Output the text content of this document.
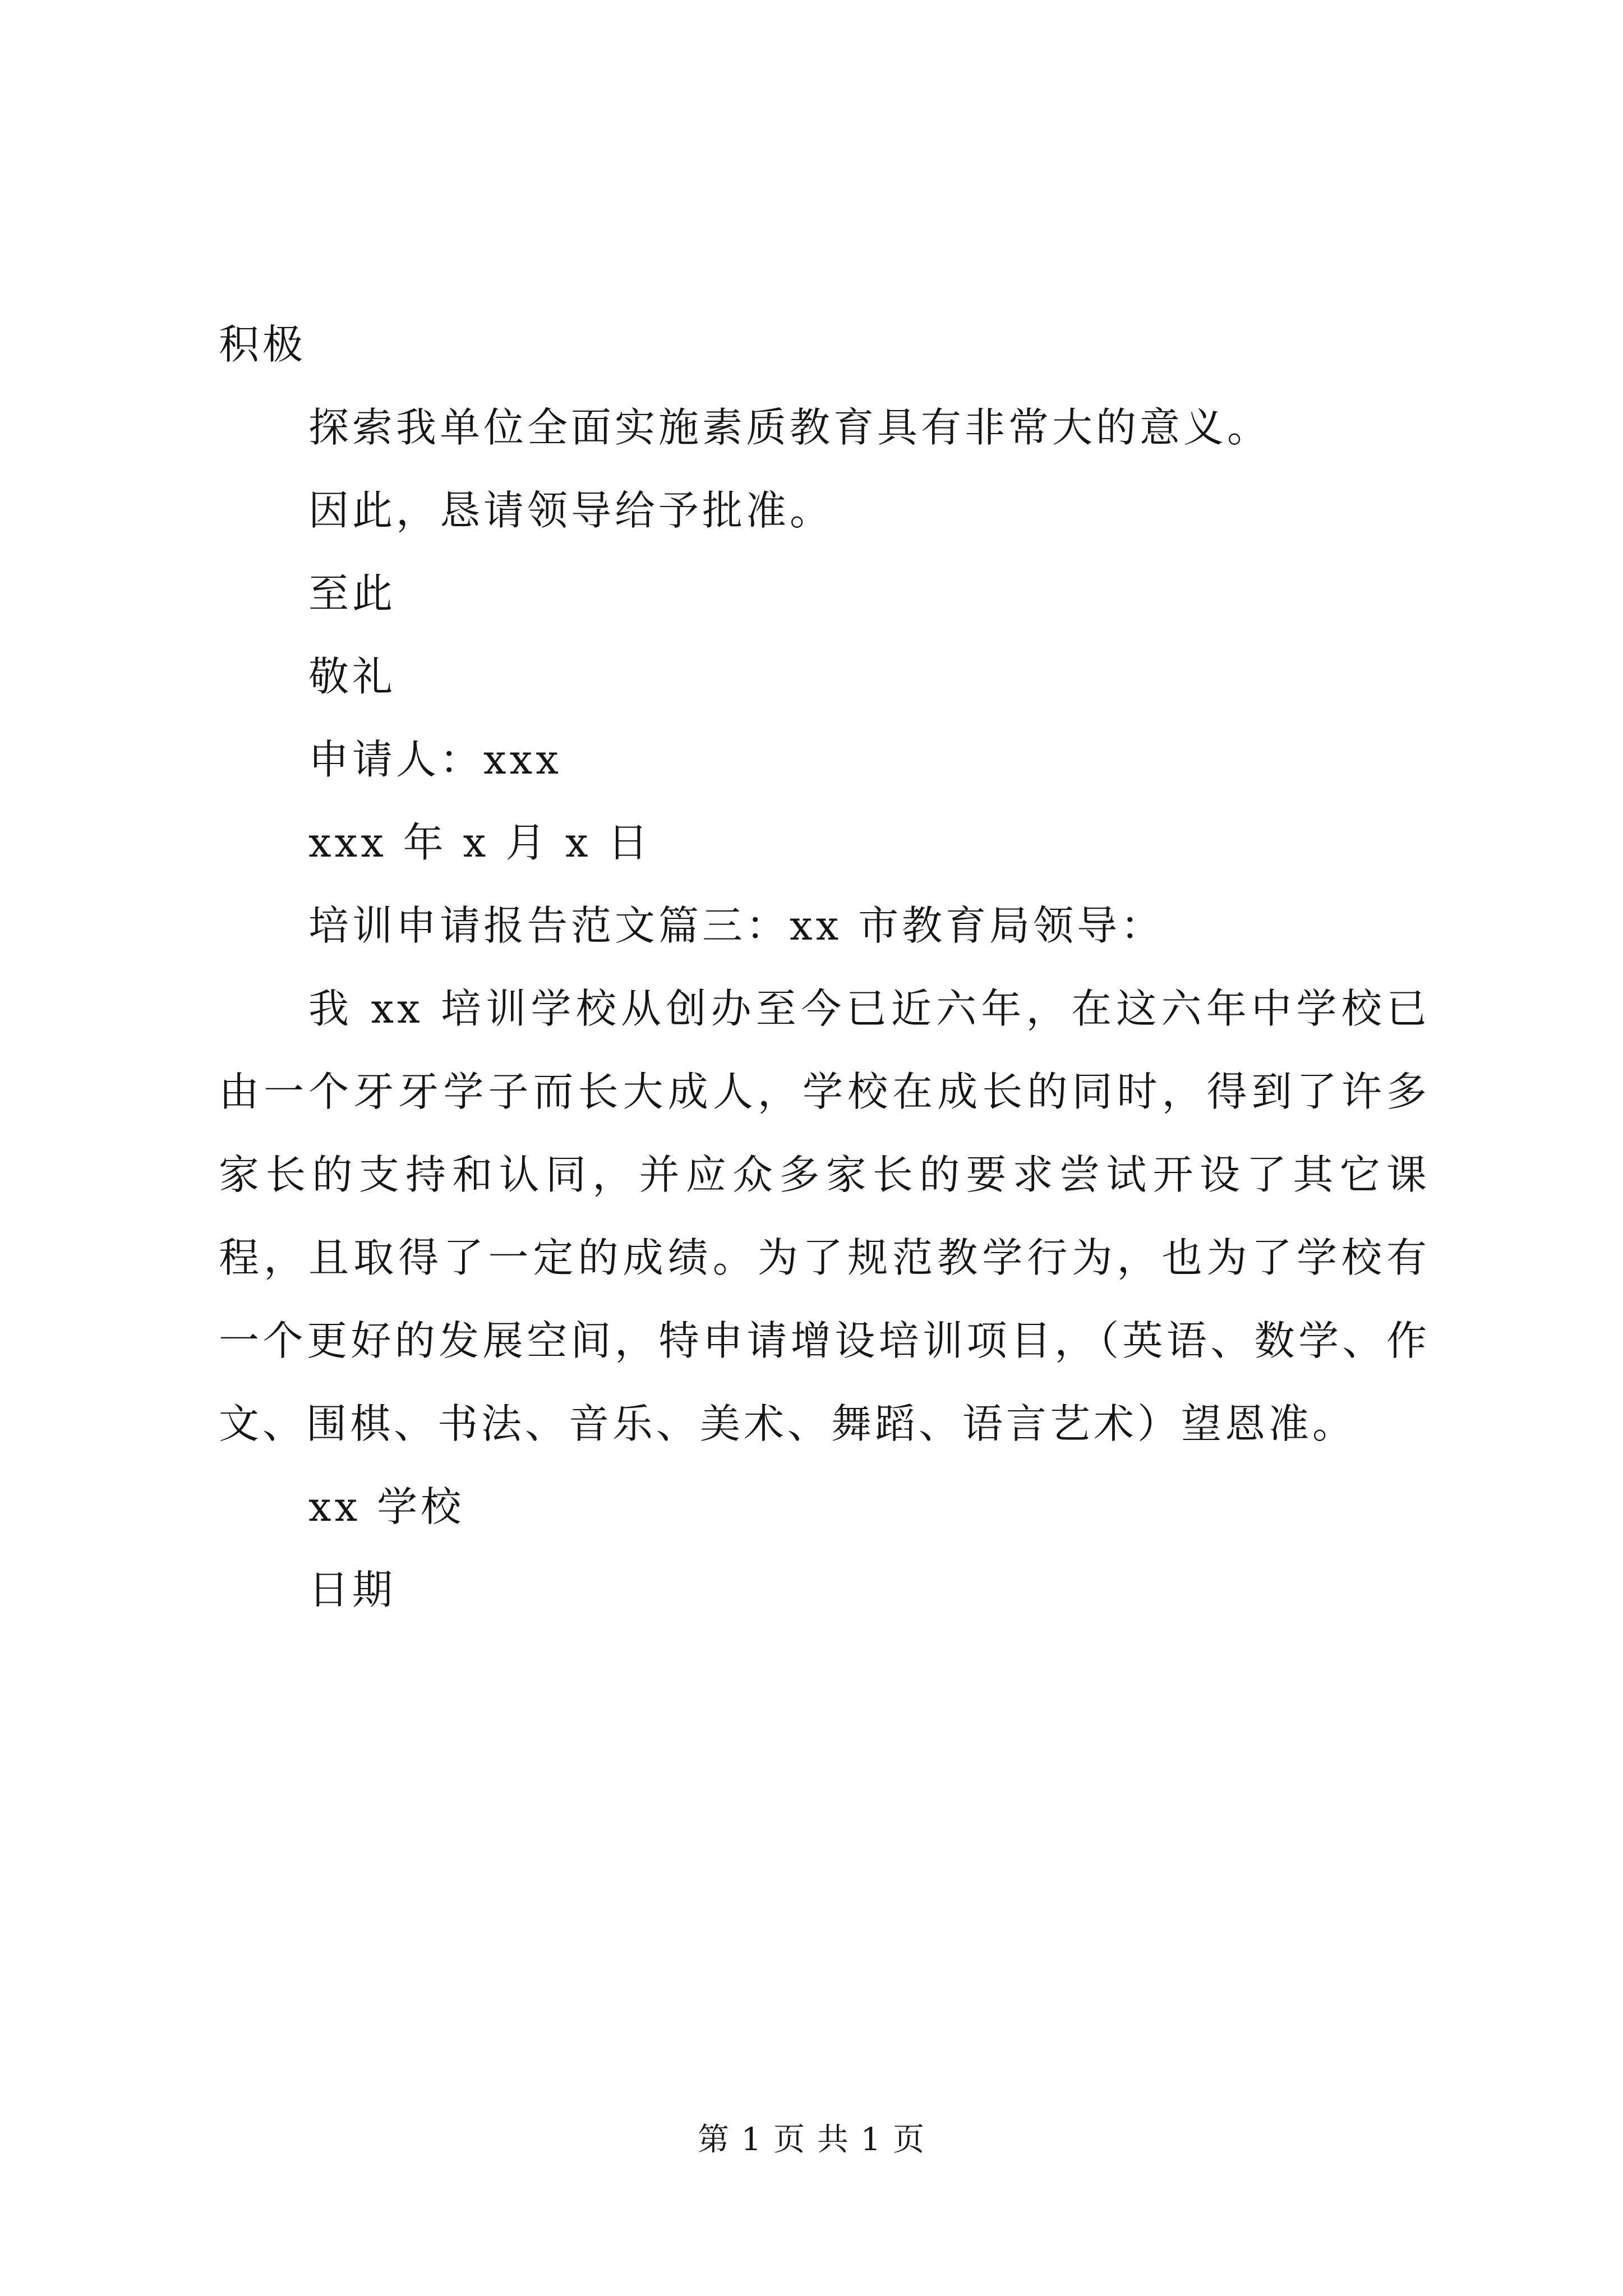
积极
探索我单位全面实施素质教育具有非常大的意义。
因此，恳请领导给予批准。
至此
敬礼
申请人：xxx
xxx 年 x 月 x 日
培训申请报告范文篇三：xx 市教育局领导：
我 xx 培训学校从创办至今已近六年，在这六年中学校已由一个牙牙学子而长大成人，学校在成长的同时，得到了许多家长的支持和认同，并应众多家长的要求尝试开设了其它课程，且取得了一定的成绩。为了规范教学行为，也为了学校有一个更好的发展空间，特申请增设培训项目，（英语、数学、作文、围棋、书法、音乐、美术、舞蹈、语言艺术）望恩准。
xx 学校
日期
第 1 页 共 1 页
